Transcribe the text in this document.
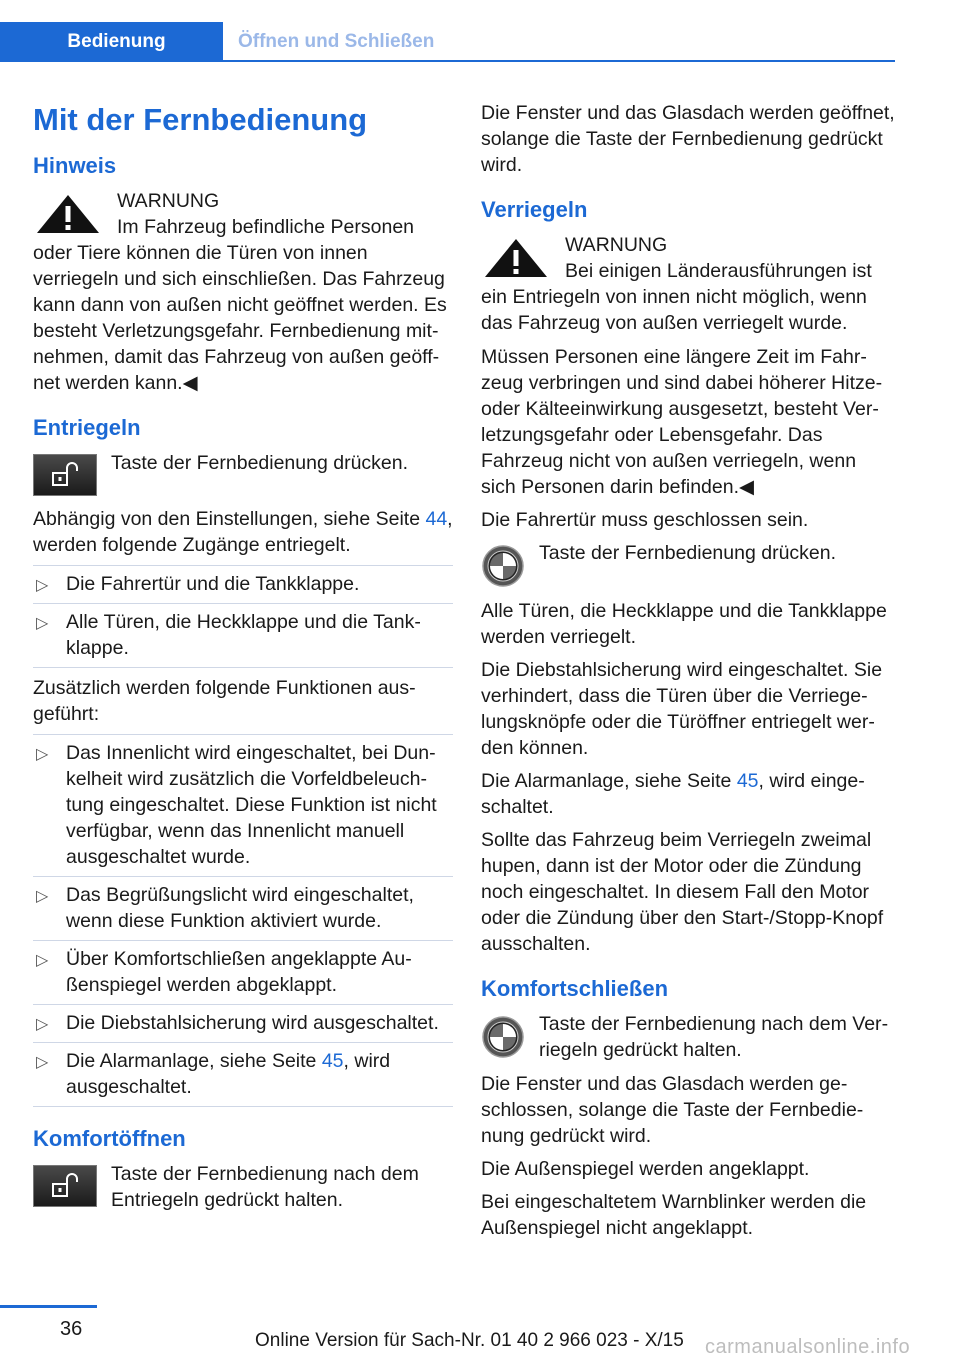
Bedienung	Öffnen und Schließen
Mit der Fernbedienung
Hinweis
WARNUNG
Im Fahrzeug befindliche Personen oder Tiere können die Türen von innen verriegeln und sich einschließen. Das Fahrzeug kann dann von außen nicht geöffnet werden. Es besteht Verletzungsgefahr. Fernbedienung mitnehmen, damit das Fahrzeug von außen geöffnet werden kann.◀
Entriegeln
Taste der Fernbedienung drücken.

Abhängig von den Einstellungen, siehe Seite 44, werden folgende Zugänge entriegelt.

▷ Die Fahrertür und die Tankklappe.
▷ Alle Türen, die Heckklappe und die Tankklappe.

Zusätzlich werden folgende Funktionen ausgeführt:

▷ Das Innenlicht wird eingeschaltet, bei Dunkelheit wird zusätzlich die Vorfeldbeleuchtung eingeschaltet. Diese Funktion ist nicht verfügbar, wenn das Innenlicht manuell ausgeschaltet wurde.
▷ Das Begrüßungslicht wird eingeschaltet, wenn diese Funktion aktiviert wurde.
▷ Über Komfortschließen angeklappte Außenspiegel werden abgeklappt.
▷ Die Diebstahlsicherung wird ausgeschaltet.
▷ Die Alarmanlage, siehe Seite 45, wird ausgeschaltet.
Komfortöffnen
Taste der Fernbedienung nach dem Entriegeln gedrückt halten.

Die Fenster und das Glasdach werden geöffnet, solange die Taste der Fernbedienung gedrückt wird.

Verriegeln
WARNUNG
Bei einigen Länderausführungen ist ein Entriegeln von innen nicht möglich, wenn das Fahrzeug von außen verriegelt wurde.

Müssen Personen eine längere Zeit im Fahrzeug verbringen und sind dabei höherer Hitze- oder Kälteeinwirkung ausgesetzt, besteht Verletzungsgefahr oder Lebensgefahr. Das Fahrzeug nicht von außen verriegeln, wenn sich Personen darin befinden.◀

Die Fahrertür muss geschlossen sein.

Taste der Fernbedienung drücken.

Alle Türen, die Heckklappe und die Tankklappe werden verriegelt.

Die Diebstahlsicherung wird eingeschaltet. Sie verhindert, dass die Türen über die Verriegelungsknöpfe oder die Türöffner entriegelt werden können.

Die Alarmanlage, siehe Seite 45, wird eingeschaltet.

Sollte das Fahrzeug beim Verriegeln zweimal hupen, dann ist der Motor oder die Zündung noch eingeschaltet. In diesem Fall den Motor oder die Zündung über den Start-/Stopp-Knopf ausschalten.

Komfortschließen
Taste der Fernbedienung nach dem Verriegeln gedrückt halten.

Die Fenster und das Glasdach werden geschlossen, solange die Taste der Fernbedienung gedrückt wird.

Die Außenspiegel werden angeklappt.

Bei eingeschaltetem Warnblinker werden die Außenspiegel nicht angeklappt.

36
Online Version für Sach-Nr. 01 40 2 966 023 - X/15 carmanualsonline.info
